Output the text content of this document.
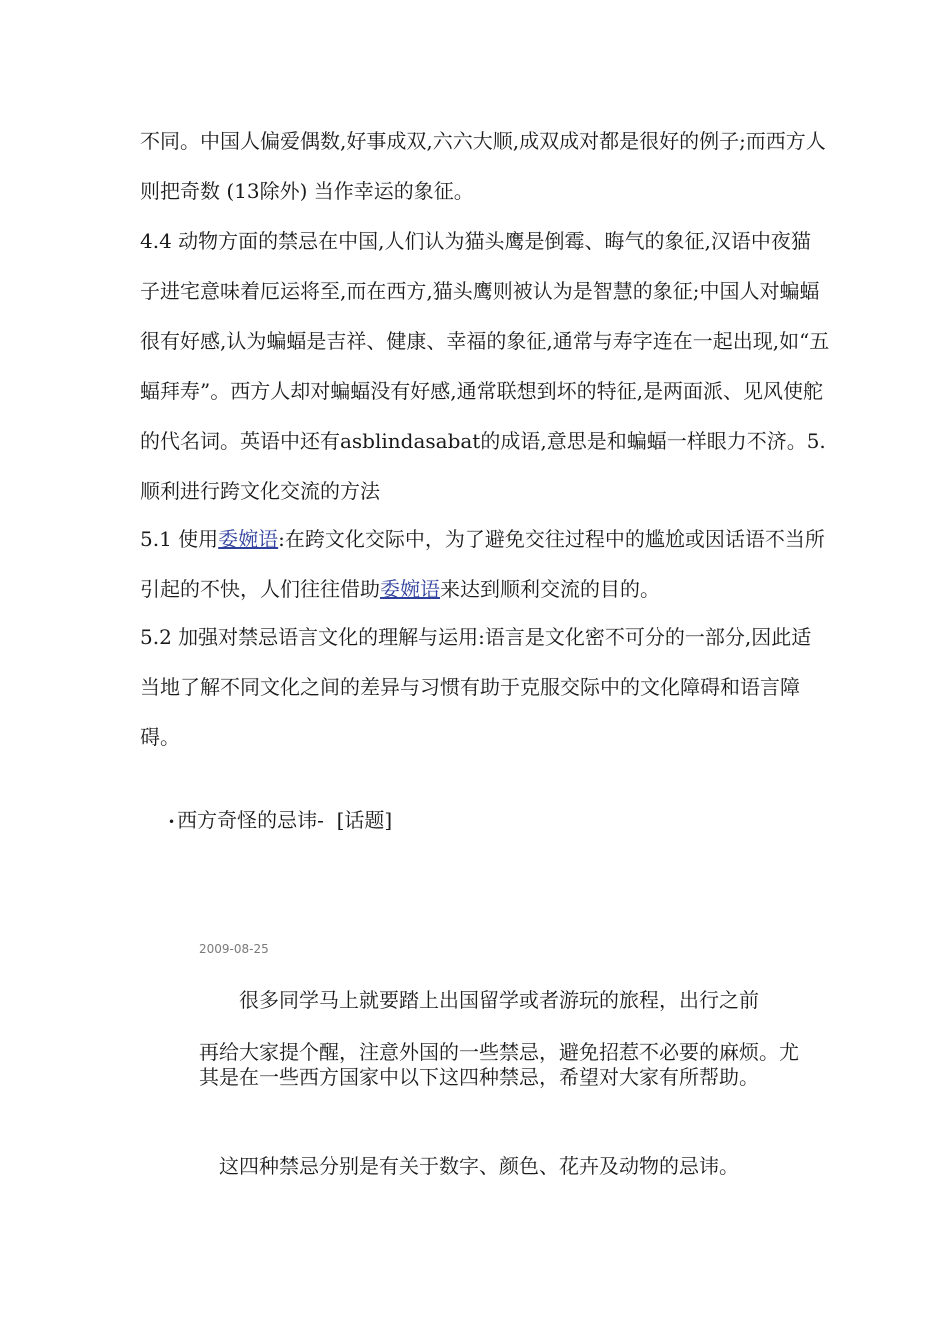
不同。中国人偏爱偶数,好事成双,六六大顺,成双成对都是很好的例子;而西方人则把奇数 (13除外) 当作幸运的象征。

4.4 动物方面的禁忌在中国,人们认为猫头鹰是倒霉、晦气的象征,汉语中夜猫子进宅意味着厄运将至,而在西方,猫头鹰则被认为是智慧的象征;中国人对蝙蝠很有好感,认为蝙蝠是吉祥、健康、幸福的象征,通常与寿字连在一起出现,如“五蝠拜寿”。西方人却对蝙蝠没有好感,通常联想到坏的特征,是两面派、见风使舵的代名词。英语中还有asblindasabat的成语,意思是和蝙蝠一样眼力不济。5.顺利进行跨文化交流的方法

5.1 使用委婉语:在跨文化交际中，为了避免交往过程中的尴尬或因话语不当所引起的不快，人们往往借助委婉语来达到顺利交流的目的。

5.2 加强对禁忌语言文化的理解与运用:语言是文化密不可分的一部分,因此适当地了解不同文化之间的差异与习惯有助于克服交际中的文化障碍和语言障碍。

• 西方奇怪的忌讳- [话题]
2009-08-25

很多同学马上就要踏上出国留学或者游玩的旅程，出行之前

再给大家提个醒，注意外国的一些禁忌，避免招惹不必要的麻烦。尤其是在一些西方国家中以下这四种禁忌，希望对大家有所帮助。

这四种禁忌分别是有关于数字、颜色、花卉及动物的忌讳。
